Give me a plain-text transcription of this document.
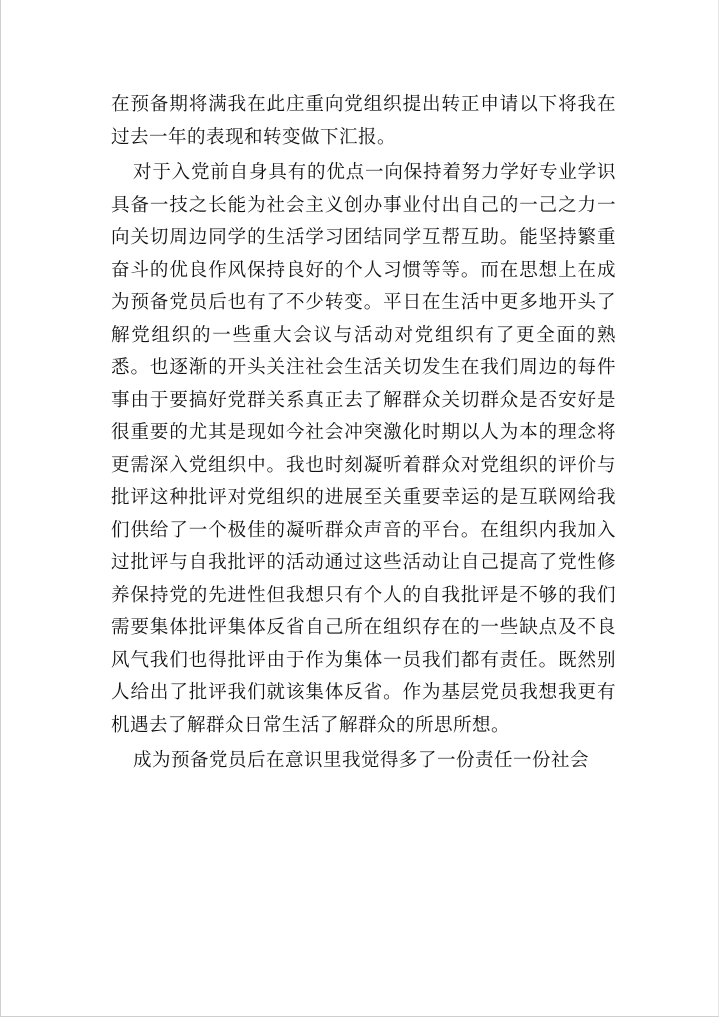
在预备期将满我在此庄重向党组织提出转正申请以下将我在过去一年的表现和转变做下汇报。

对于入党前自身具有的优点一向保持着努力学好专业学识具备一技之长能为社会主义创办事业付出自己的一己之力一向关切周边同学的生活学习团结同学互帮互助。能坚持繁重奋斗的优良作风保持良好的个人习惯等等。而在思想上在成为预备党员后也有了不少转变。平日在生活中更多地开头了解党组织的一些重大会议与活动对党组织有了更全面的熟悉。也逐渐的开头关注社会生活关切发生在我们周边的每件事由于要搞好党群关系真正去了解群众关切群众是否安好是很重要的尤其是现如今社会冲突激化时期以人为本的理念将更需深入党组织中。我也时刻凝听着群众对党组织的评价与批评这种批评对党组织的进展至关重要幸运的是互联网给我们供给了一个极佳的凝听群众声音的平台。在组织内我加入过批评与自我批评的活动通过这些活动让自己提高了党性修养保持党的先进性但我想只有个人的自我批评是不够的我们需要集体批评集体反省自己所在组织存在的一些缺点及不良风气我们也得批评由于作为集体一员我们都有责任。既然别人给出了批评我们就该集体反省。作为基层党员我想我更有机遇去了解群众日常生活了解群众的所思所想。

成为预备党员后在意识里我觉得多了一份责任一份社会
